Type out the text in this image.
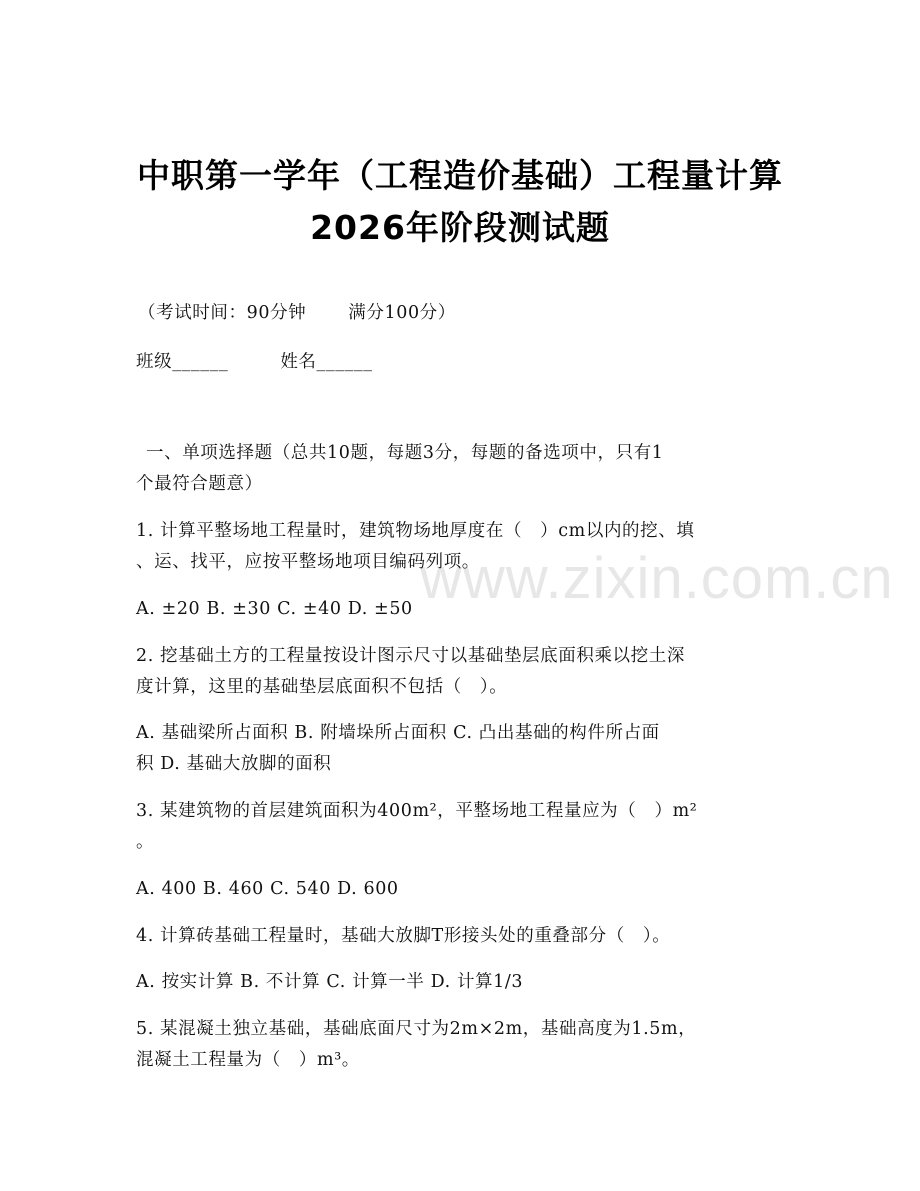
中职第一学年（工程造价基础）工程量计算
2026年阶段测试题
（考试时间：90分钟 满分100分）
班级______	姓名______
一、单项选择题（总共10题，每题3分，每题的备选项中，只有1
个最符合题意）
1. 计算平整场地工程量时，建筑物场地厚度在（　）cm以内的挖、填
、运、找平，应按平整场地项目编码列项。
A. ±20 B. ±30 C. ±40 D. ±50
2. 挖基础土方的工程量按设计图示尺寸以基础垫层底面积乘以挖土深
度计算，这里的基础垫层底面积不包括（　）。
A. 基础梁所占面积 B. 附墙垛所占面积 C. 凸出基础的构件所占面
积 D. 基础大放脚的面积
3. 某建筑物的首层建筑面积为400m²，平整场地工程量应为（　）m²
。
A. 400 B. 460 C. 540 D. 600
4. 计算砖基础工程量时，基础大放脚T形接头处的重叠部分（　）。
A. 按实计算 B. 不计算 C. 计算一半 D. 计算1/3
5. 某混凝土独立基础，基础底面尺寸为2m×2m，基础高度为1.5m，
混凝土工程量为（　）m³。
www.zixin.com.cn
